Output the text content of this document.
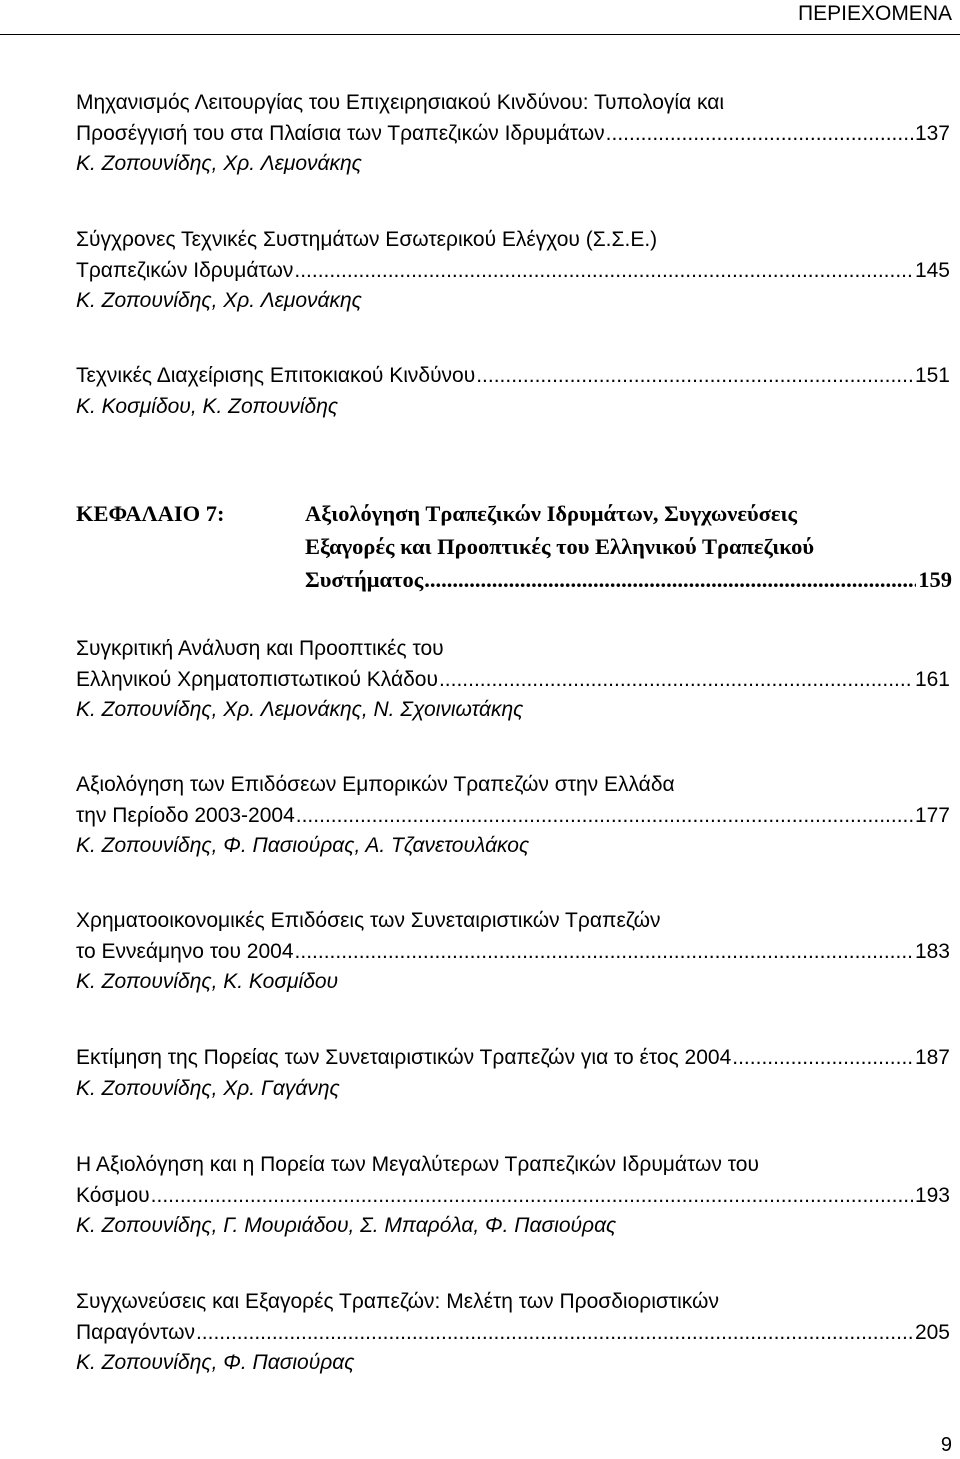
ΠΕΡΙΕΧΟΜΕΝΑ
Μηχανισμός Λειτουργίας του Επιχειρησιακού Κινδύνου: Τυπολογία και
Προσέγγισή του στα Πλαίσια των Τραπεζικών Ιδρυμάτων .....	137
Κ. Ζοπουνίδης, Χρ. Λεμονάκης
Σύγχρονες Τεχνικές Συστημάτων Εσωτερικού Ελέγχου (Σ.Σ.Ε.)
Τραπεζικών Ιδρυμάτων .....	145
Κ. Ζοπουνίδης, Χρ. Λεμονάκης
Τεχνικές Διαχείρισης Επιτοκιακού Κινδύνου .....	151
Κ. Κοσμίδου, Κ. Ζοπουνίδης
ΚΕΦΑΛΑΙΟ 7:	Αξιολόγηση Τραπεζικών Ιδρυμάτων, Συγχωνεύσεις
Εξαγορές και Προοπτικές του Ελληνικού Τραπεζικού
Συστήματος .....	159
Συγκριτική Ανάλυση και Προοπτικές του
Ελληνικού Χρηματοπιστωτικού Κλάδου .....	161
Κ. Ζοπουνίδης, Χρ. Λεμονάκης, Ν. Σχοινιωτάκης
Αξιολόγηση των Επιδόσεων Εμπορικών Τραπεζών στην Ελλάδα
την Περίοδο 2003-2004 .....	177
Κ. Ζοπουνίδης, Φ. Πασιούρας, Α. Τζανετουλάκος
Χρηματοοικονομικές Επιδόσεις των Συνεταιριστικών Τραπεζών
το Εννεάμηνο του 2004 .....	183
Κ. Ζοπουνίδης, Κ. Κοσμίδου
Εκτίμηση της Πορείας των Συνεταιριστικών Τραπεζών για το έτος 2004 .....	187
Κ. Ζοπουνίδης, Χρ. Γαγάνης
Η Αξιολόγηση και η Πορεία των Μεγαλύτερων Τραπεζικών Ιδρυμάτων του
Κόσμου .....	193
Κ. Ζοπουνίδης, Γ. Μουριάδου, Σ. Μπαρόλα, Φ. Πασιούρας
Συγχωνεύσεις και Εξαγορές Τραπεζών: Μελέτη των Προσδιοριστικών
Παραγόντων .....	205
Κ. Ζοπουνίδης, Φ. Πασιούρας
9
